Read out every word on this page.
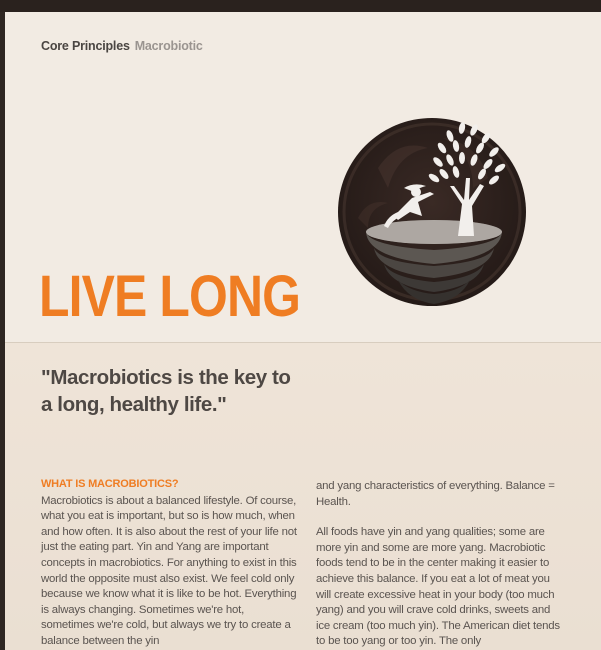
Core Principles Macrobiotic
LIVE LONG
"Macrobiotics is the key to
a long, healthy life."
WHAT IS MACROBIOTICS?

Macrobiotics is about a balanced lifestyle. Of course, what you eat is important, but so is how much, when and how often. It is also about the rest of your life not just the eating part. Yin and Yang are important concepts in macrobiotics. For anything to exist in this world the opposite must also exist. We feel cold only because we know what it is like to be hot. Everything is always changing. Sometimes we're hot, sometimes we're cold, but always we try to create a balance between the yin

and yang characteristics of everything. Balance = Health.

All foods have yin and yang qualities; some are more yin and some are more yang. Macrobiotic foods tend to be in the center making it easier to achieve this balance. If you eat a lot of meat you will create excessive heat in your body (too much yang) and you will crave cold drinks, sweets and ice cream (too much yin). The American diet tends to be too yang or too yin. The only
